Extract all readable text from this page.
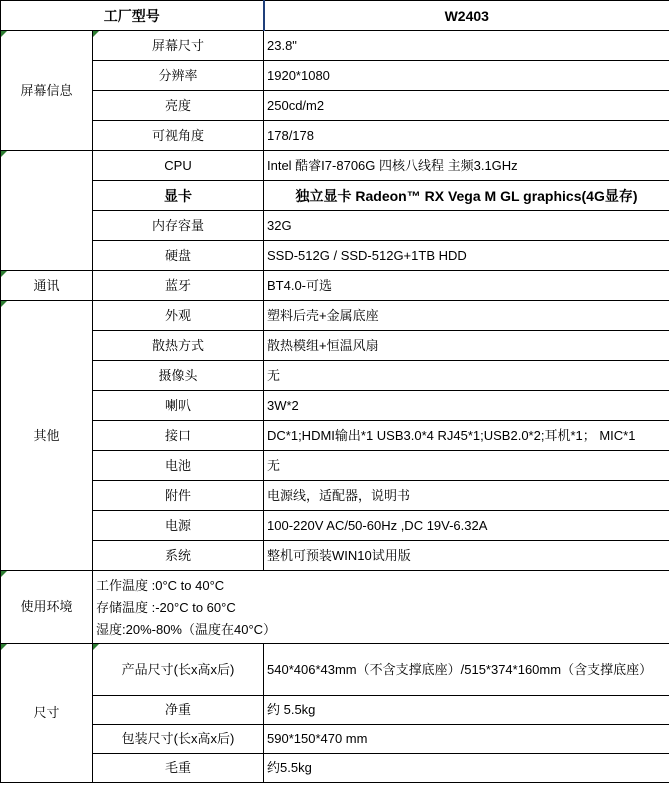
工厂型号		W2403
屏幕信息	屏幕尺寸	23.8"
	分辨率	1920*1080
	亮度	250cd/m2
	可视角度	178/178
	CPU	Intel 酷睿I7-8706G 四核八线程 主频3.1GHz
	显卡	独立显卡 Radeon™ RX Vega M GL graphics(4G显存)
	内存容量	32G
	硬盘	SSD-512G / SSD-512G+1TB HDD
通讯	蓝牙	BT4.0-可选
其他	外观	塑料后壳+金属底座
	散热方式	散热模组+恒温风扇
	摄像头	无
	喇叭	3W*2
	接口	DC*1;HDMI输出*1 USB3.0*4 RJ45*1;USB2.0*2;耳机*1； MIC*1
	电池	无
	附件	电源线，适配器，说明书
	电源	100-220V AC/50-60Hz ,DC 19V-6.32A
	系统	整机可预装WIN10试用版
使用环境	工作温度 :0°C to 40°C
存储温度 :-20°C to 60°C
湿度:20%-80%（温度在40°C）	

尺寸	产品尺寸(长x高x后)	540*406*43mm（不含支撑底座）/515*374*160mm（含支撑底座）
	净重	约 5.5kg
	包装尺寸(长x高x后)	590*150*470 mm
	毛重	约5.5kg
